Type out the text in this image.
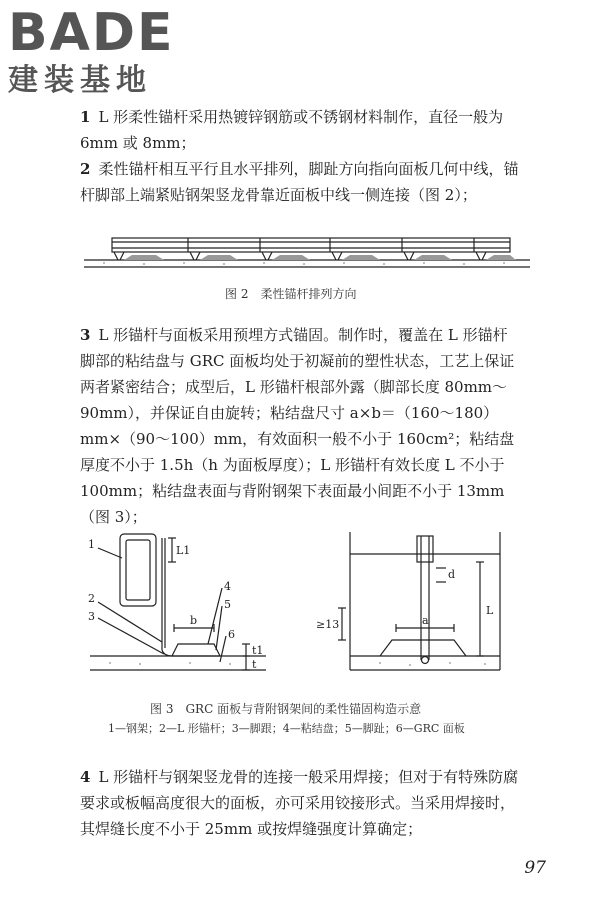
BADE
建装基地
1 L 形柔性锚杆采用热镀锌钢筋或不锈钢材料制作，直径一般为 6mm 或 8mm；
2 柔性锚杆相互平行且水平排列，脚趾方向指向面板几何中线，锚杆脚部上端紧贴钢架竖龙骨靠近面板中线一侧连接（图 2）；
图 2　柔性锚杆排列方向
3 L 形锚杆与面板采用预埋方式锚固。制作时，覆盖在 L 形锚杆脚部的粘结盘与 GRC 面板均处于初凝前的塑性状态，工艺上保证两者紧密结合；成型后，L 形锚杆根部外露（脚部长度 80mm～90mm），并保证自由旋转；粘结盘尺寸 a×b＝（160～180）mm×（90～100）mm，有效面积一般不小于 160cm²；粘结盘厚度不小于 1.5h（h 为面板厚度）；L 形锚杆有效长度 L 不小于 100mm；粘结盘表面与背附钢架下表面最小间距不小于 13mm（图 3）；
1
2
3
4
5
6
L1
b
t1
t
a
d
L
≥13
图 3　GRC 面板与背附钢架间的柔性锚固构造示意
1—钢架；2—L 形锚杆；3—脚跟；4—粘结盘；5—脚趾；6—GRC 面板
4 L 形锚杆与钢架竖龙骨的连接一般采用焊接；但对于有特殊防腐要求或板幅高度很大的面板，亦可采用铰接形式。当采用焊接时，其焊缝长度不小于 25mm 或按焊缝强度计算确定；
97
